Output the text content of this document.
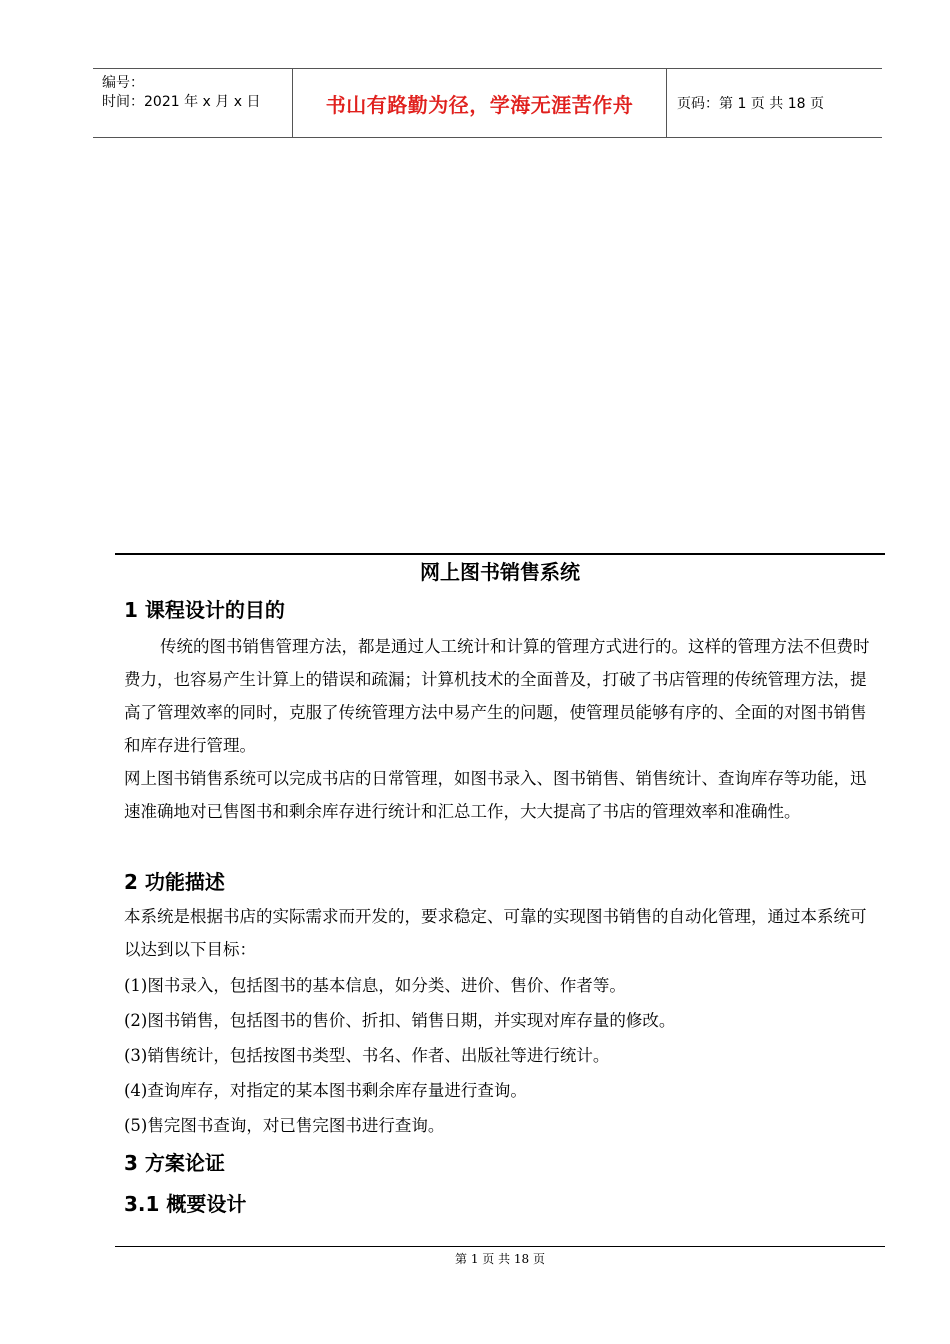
编号：
时间：2021 年 x 月 x 日	书山有路勤为径，学海无涯苦作舟	页码：第 1 页 共 18 页
网上图书销售系统
1 课程设计的目的
传统的图书销售管理方法，都是通过人工统计和计算的管理方式进行的。这样的管理方法不但费时费力，也容易产生计算上的错误和疏漏；计算机技术的全面普及，打破了书店管理的传统管理方法，提高了管理效率的同时，克服了传统管理方法中易产生的问题，使管理员能够有序的、全面的对图书销售和库存进行管理。
网上图书销售系统可以完成书店的日常管理，如图书录入、图书销售、销售统计、查询库存等功能，迅速准确地对已售图书和剩余库存进行统计和汇总工作，大大提高了书店的管理效率和准确性。
2 功能描述
本系统是根据书店的实际需求而开发的，要求稳定、可靠的实现图书销售的自动化管理，通过本系统可以达到以下目标：
(1)图书录入，包括图书的基本信息，如分类、进价、售价、作者等。
(2)图书销售，包括图书的售价、折扣、销售日期，并实现对库存量的修改。
(3)销售统计，包括按图书类型、书名、作者、出版社等进行统计。
(4)查询库存，对指定的某本图书剩余库存量进行查询。
(5)售完图书查询，对已售完图书进行查询。
3 方案论证
3.1 概要设计
第 1 页 共 18 页
